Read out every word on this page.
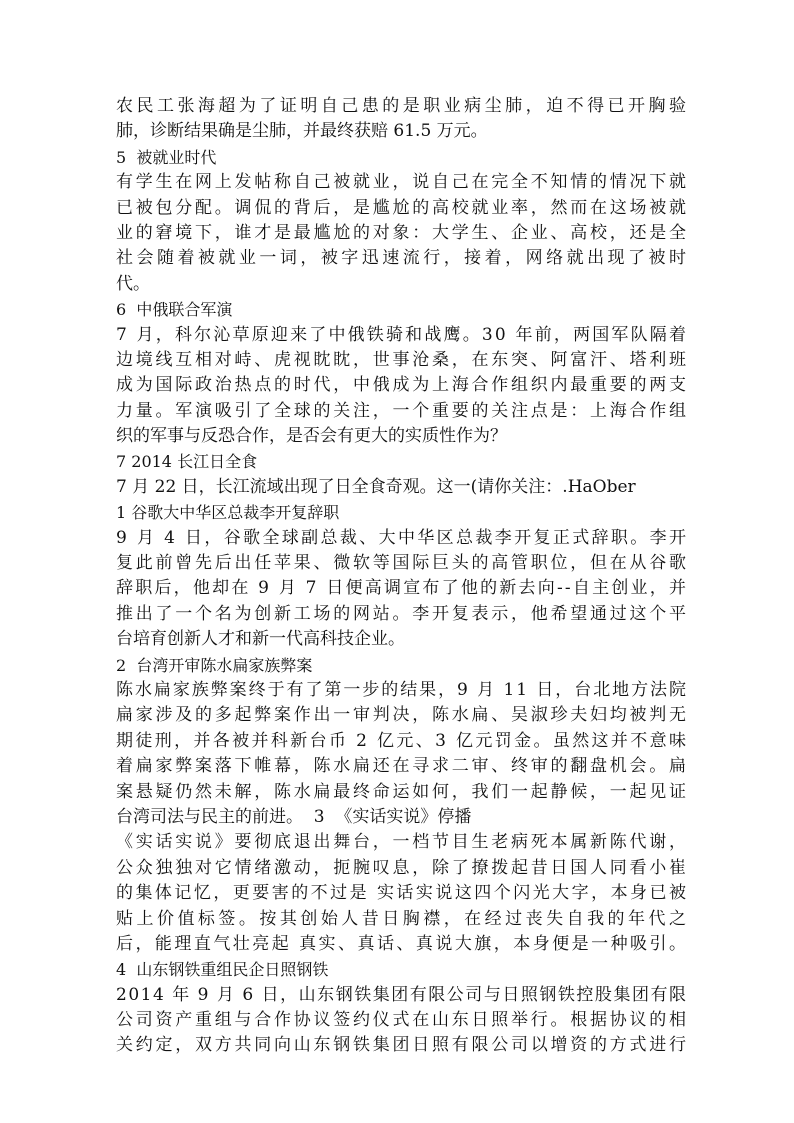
农民工张海超为了证明自己患的是职业病尘肺，迫不得已开胸验
肺，诊断结果确是尘肺，并最终获赔 61.5 万元。
5  被就业时代
有学生在网上发帖称自己被就业，说自己在完全不知情的情况下就
已被包分配。调侃的背后，是尴尬的高校就业率，然而在这场被就
业的窘境下，谁才是最尴尬的对象：大学生、企业、高校，还是全
社会随着被就业一词，被字迅速流行，接着，网络就出现了被时
代。
6  中俄联合军演
7 月，科尔沁草原迎来了中俄铁骑和战鹰。30 年前，两国军队隔着
边境线互相对峙、虎视眈眈，世事沧桑，在东突、阿富汗、塔利班
成为国际政治热点的时代，中俄成为上海合作组织内最重要的两支
力量。军演吸引了全球的关注，一个重要的关注点是：上海合作组
织的军事与反恐合作，是否会有更大的实质性作为？
7 2014 长江日全食
7 月 22 日，长江流域出现了日全食奇观。这一(请你关注：.HaOber
1 谷歌大中华区总裁李开复辞职
9 月 4 日，谷歌全球副总裁、大中华区总裁李开复正式辞职。李开
复此前曾先后出任苹果、微软等国际巨头的高管职位，但在从谷歌
辞职后，他却在 9 月 7 日便高调宣布了他的新去向--自主创业，并
推出了一个名为创新工场的网站。李开复表示，他希望通过这个平
台培育创新人才和新一代高科技企业。
2  台湾开审陈水扁家族弊案
陈水扁家族弊案终于有了第一步的结果，9 月 11 日，台北地方法院
扁家涉及的多起弊案作出一审判决，陈水扁、吴淑珍夫妇均被判无
期徒刑，并各被并科新台币 2 亿元、3 亿元罚金。虽然这并不意味
着扁家弊案落下帷幕，陈水扁还在寻求二审、终审的翻盘机会。扁
案悬疑仍然未解，陈水扁最终命运如何，我们一起静候，一起见证
台湾司法与民主的前进。  3  《实话实说》停播
《实话实说》要彻底退出舞台，一档节目生老病死本属新陈代谢，
公众独独对它情绪激动，扼腕叹息，除了撩拨起昔日国人同看小崔
的集体记忆，更要害的不过是 实话实说这四个闪光大字，本身已被
贴上价值标签。按其创始人昔日胸襟，在经过丧失自我的年代之
后，能理直气壮亮起 真实、真话、真说大旗，本身便是一种吸引。
4  山东钢铁重组民企日照钢铁
2014 年 9 月 6 日，山东钢铁集团有限公司与日照钢铁控股集团有限
公司资产重组与合作协议签约仪式在山东日照举行。根据协议的相
关约定，双方共同向山东钢铁集团日照有限公司以增资的方式进行
